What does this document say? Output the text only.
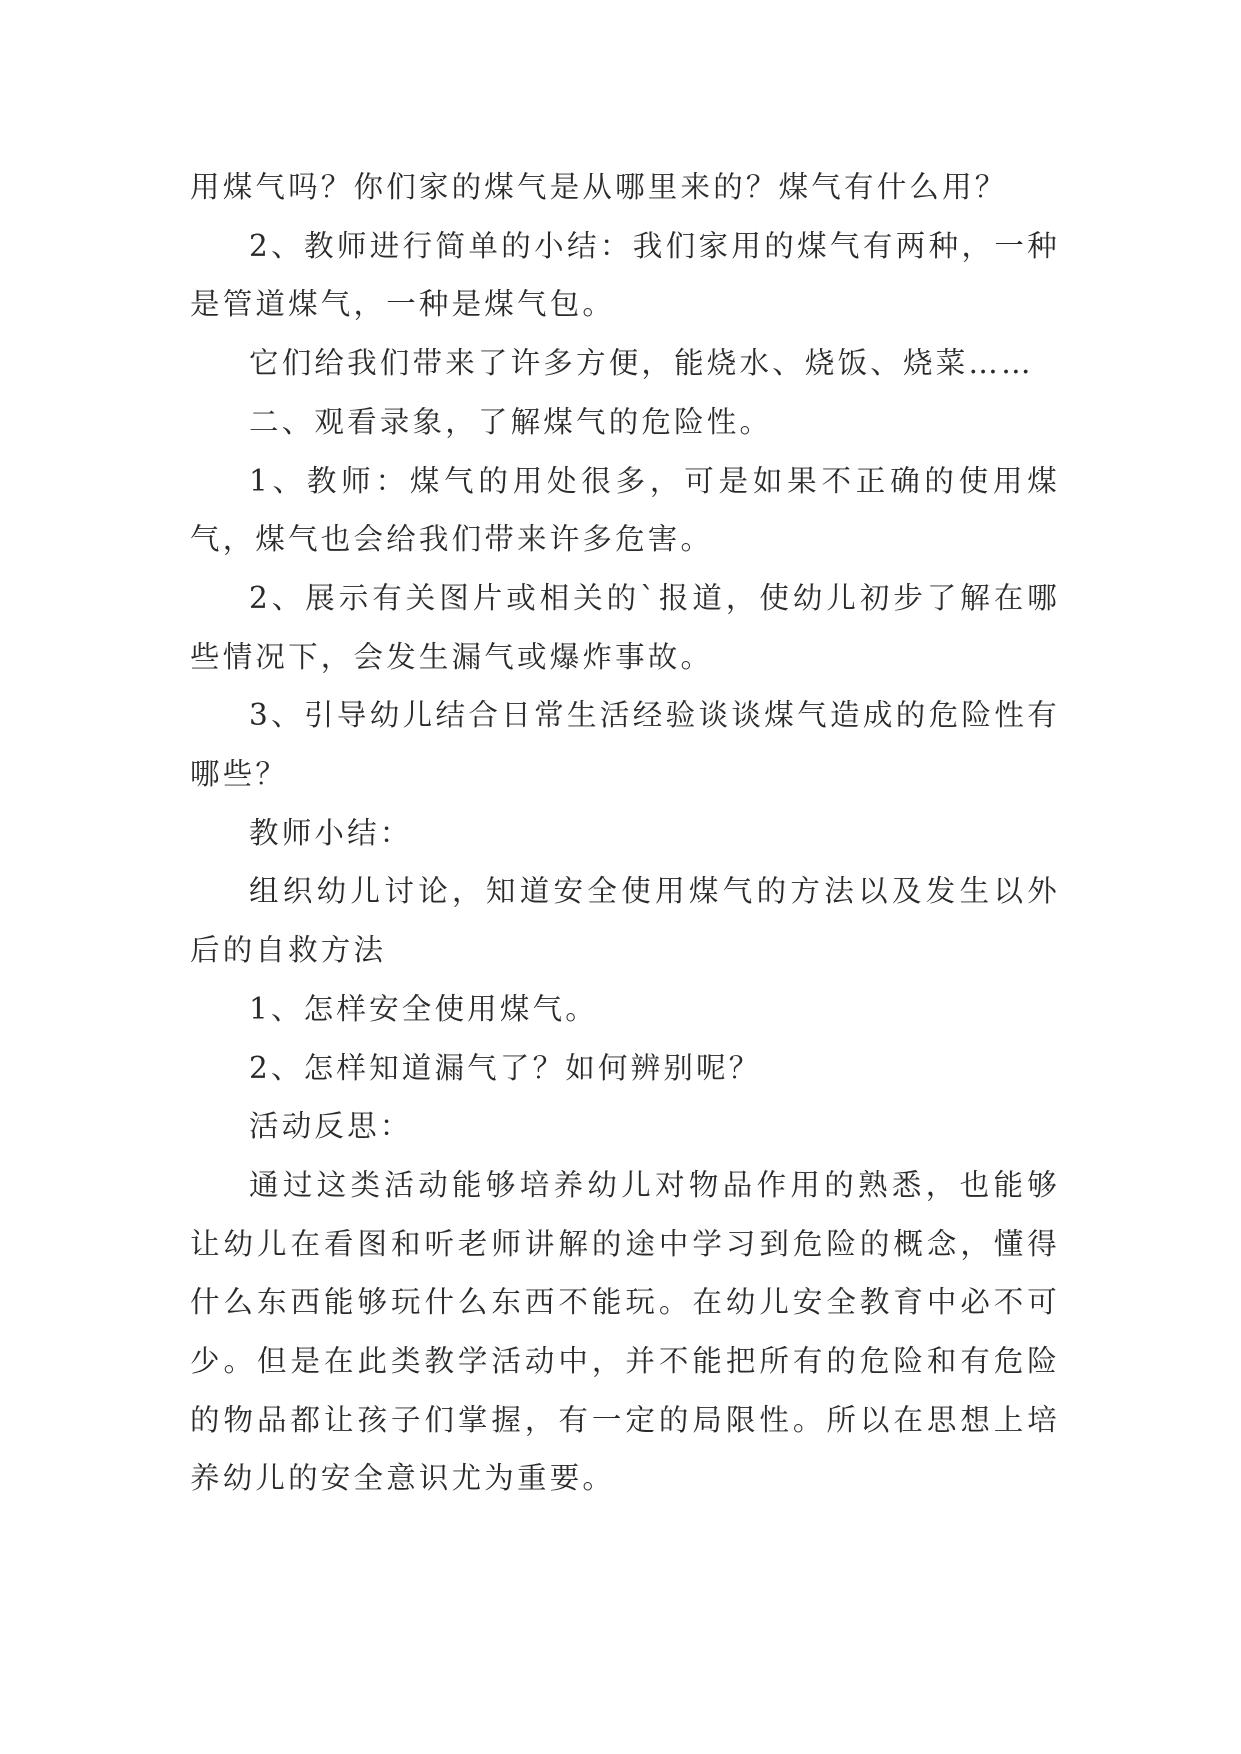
用煤气吗？你们家的煤气是从哪里来的？煤气有什么用？

2、教师进行简单的小结：我们家用的煤气有两种，一种是管道煤气，一种是煤气包。

它们给我们带来了许多方便，能烧水、烧饭、烧菜……

二、观看录象，了解煤气的危险性。

1、教师：煤气的用处很多，可是如果不正确的使用煤气，煤气也会给我们带来许多危害。

2、展示有关图片或相关的`报道，使幼儿初步了解在哪些情况下，会发生漏气或爆炸事故。

3、引导幼儿结合日常生活经验谈谈煤气造成的危险性有哪些？

教师小结：

组织幼儿讨论，知道安全使用煤气的方法以及发生以外后的自救方法

1、怎样安全使用煤气。

2、怎样知道漏气了？如何辨别呢？

活动反思：

通过这类活动能够培养幼儿对物品作用的熟悉，也能够让幼儿在看图和听老师讲解的途中学习到危险的概念，懂得什么东西能够玩什么东西不能玩。在幼儿安全教育中必不可少。但是在此类教学活动中，并不能把所有的危险和有危险的物品都让孩子们掌握，有一定的局限性。所以在思想上培养幼儿的安全意识尤为重要。
